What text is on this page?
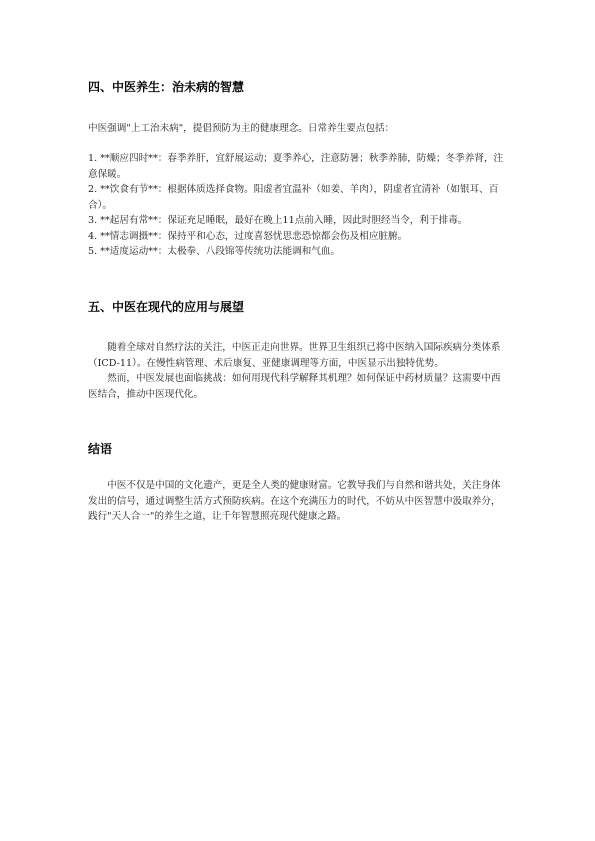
四、中医养生：治未病的智慧
中医强调"上工治未病"，提倡预防为主的健康理念。日常养生要点包括：
1. **顺应四时**：春季养肝，宜舒展运动；夏季养心，注意防暑；秋季养肺，防燥；冬季养肾，注意保暖。
2. **饮食有节**：根据体质选择食物。阳虚者宜温补（如姜、羊肉），阴虚者宜清补（如银耳、百合）。
3. **起居有常**：保证充足睡眠，最好在晚上11点前入睡，因此时胆经当令，利于排毒。
4. **情志调摄**：保持平和心态，过度喜怒忧思悲恐惊都会伤及相应脏腑。
5. **适度运动**：太极拳、八段锦等传统功法能调和气血。
五、中医在现代的应用与展望

随着全球对自然疗法的关注，中医正走向世界。世界卫生组织已将中医纳入国际疾病分类体系（ICD-11）。在慢性病管理、术后康复、亚健康调理等方面，中医显示出独特优势。

然而，中医发展也面临挑战：如何用现代科学解释其机理？如何保证中药材质量？这需要中西医结合，推动中医现代化。

结语

中医不仅是中国的文化遗产，更是全人类的健康财富。它教导我们与自然和谐共处，关注身体发出的信号，通过调整生活方式预防疾病。在这个充满压力的时代，不妨从中医智慧中汲取养分，践行"天人合一"的养生之道，让千年智慧照亮现代健康之路。
